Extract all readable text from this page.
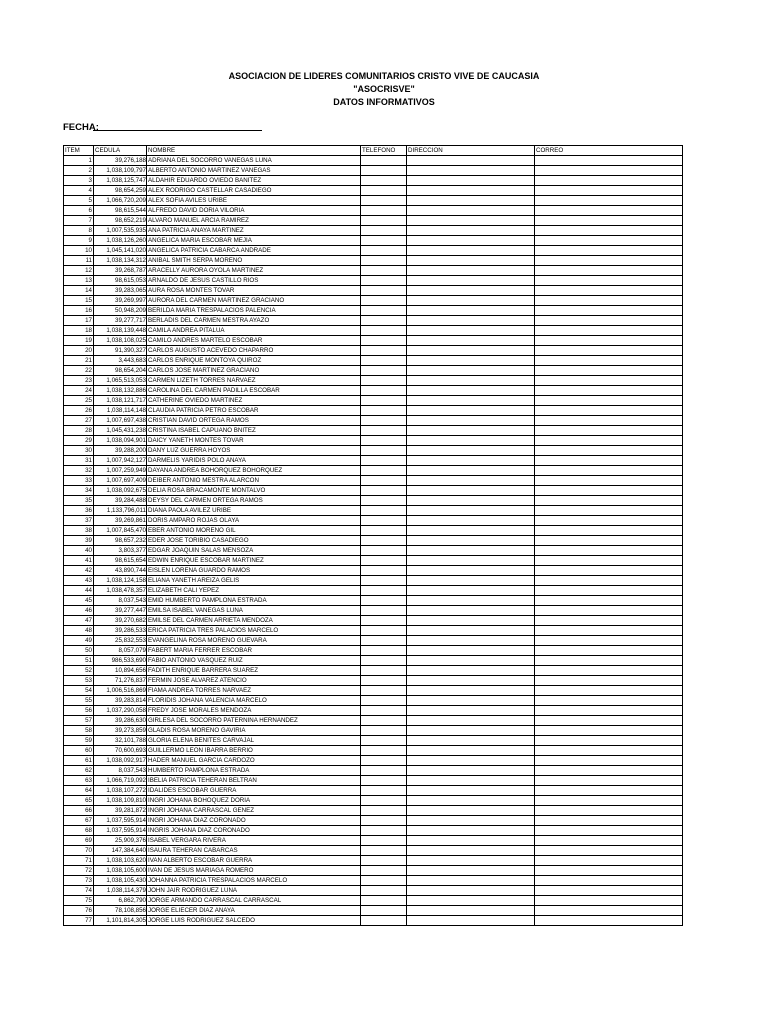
ASOCIACION DE LIDERES COMUNITARIOS CRISTO VIVE DE CAUCASIA
"ASOCRISVE"
DATOS INFORMATIVOS
FECHA:
ITEM	CEDULA	NOMBRE	TELEFONO	DIRECCION	CORREO
1	39,276,188	ADRIANA DEL SOCORRO VANEGAS LUNA			
2	1,038,109,797	ALBERTO ANTONIO MARTINEZ VANEGAS			
3	1,038,125,747	ALDAHIR EDUARDO OVIEDO BANITEZ			
4	98,654,259	ALEX RODRIGO CASTELLAR CASADIEGO			
5	1,066,720,209	ALEX SOFIA AVILES URIBE			
6	98,615,544	ALFREDO DAVID DORIA VILORIA			
7	98,652,219	ALVARO MANUEL ARCIA RAMIREZ			
8	1,007,535,935	ANA PATRICIA ANAYA MARTINEZ			
9	1,038,126,260	ANGELICA MARIA ESCOBAR MEJIA			
10	1,045,141,020	ANGELICA PATRICIA CABARCA ANDRADE			
11	1,038,134,312	ANIBAL SMITH SERPA MORENO			
12	39,268,787	ARACELLY AURORA OYOLA MARTINEZ			
13	98,615,053	ARNALDO DE JESUS CASTILLO RIOS			
14	39,283,065	AURA ROSA MONTES TOVAR			
15	39,269,997	AURORA DEL CARMEN MARTINEZ GRACIANO			
16	50,948,209	BERILDA MARIA TRESPALACIOS PALENCIA			
17	39,277,717	BERLADIS DEL CARMEN MESTRA AYAZO			
18	1,038,139,448	CAMILA ANDREA PITALUA			
19	1,038,108,025	CAMILO ANDRES MARTELO ESCOBAR			
20	91,390,327	CARLOS AUGUSTO ACEVEDO CHAPARRO			
21	3,443,683	CARLOS ENRIQUE MONTOYA QUIROZ			
22	98,654,204	CARLOS JOSE MARTINEZ GRACIANO			
23	1,065,513,053	CARMEN LIZETH TORRES NARVAEZ			
24	1,038,132,886	CAROLINA DEL CARMEN PADILLA ESCOBAR			
25	1,038,121,717	CATHERINE OVIEDO MARTINEZ			
26	1,038,114,148	CLAUDIA PATRICIA PETRO ESCOBAR			
27	1,007,697,438	CRISTIAN DAVID ORTEGA RAMOS			
28	1,045,431,238	CRISTINA ISABEL CAPUANO BNITEZ			
29	1,038,094,901	DAICY YANETH MONTES TOVAR			
30	39,288,200	DANY LUZ GUERRA HOYOS			
31	1,007,942,127	DARMELIS YARIDIS POLO ANAYA			
32	1,007,259,949	DAYANA ANDREA BOHORQUEZ BOHORQUEZ			
33	1,007,697,409	DEIBER ANTONIO MESTRA ALARCON			
34	1,038,092,675	DELIA ROSA BRACAMONTE MONTALVO			
35	39,284,488	DEYSY DEL CARMEN ORTEGA RAMOS			
36	1,133,796,011	DIANA PAOLA AVILEZ URIBE			
37	39,269,861	DORIS AMPARO ROJAS OLAYA			
38	1,007,845,470	EBER ANTONIO MORENO GIL			
39	98,657,232	EDER JOSE TORIBIO CASADIEGO			
40	3,803,377	EDGAR JOAQUIN SALAS MENSOZA			
41	98,615,654	EDWIN ENRIQUE ESCOBAR MARTINEZ			
42	43,890,744	EISLEN LORENA GUARDO RAMOS			
43	1,038,124,158	ELIANA YANETH AREIZA GELIS			
44	1,038,478,357	ELIZABETH CALI YEPEZ			
45	8,037,543	EMID HUMBERTO PAMPLONA ESTRADA			
46	39,277,447	EMILSA ISABEL VANEGAS LUNA			
47	39,270,682	EMILSE DEL CARMEN ARRIETA MENDOZA			
48	39,286,533	ERICA PATRICIA TRES PALACIOS MARCELO			
49	25,832,553	EVANGELINA ROSA MORENO GUEVARA			
50	8,057,079	FABERT MARIA FERRER ESCOBAR			
51	986,533,690	FABIO ANTONIO VASQUEZ RUIZ			
52	10,894,656	FADITH ENRIQUE BARRERA SUAREZ			
53	71,276,837	FERMIN JOSE ALVAREZ ATENCIO			
54	1,006,516,869	FIAMA ANDREA TORRES NARVAEZ			
55	39,283,814	FLORIDIS JOHANA VALENCIA MARCELO			
56	1,037,290,058	FREDY JOSE MORALES MENDOZA			
57	39,286,630	GIRLESA DEL SOCORRO PATERNINA HERNANDEZ			
58	39,273,859	GLADIS ROSA MORENO GAVIRIA			
59	32,101,788	GLORIA ELENA BENITES CARVAJAL			
60	70,600,693	GUILLERMO LEON IBARRA BERRIO			
61	1,038,092,917	HADER MANUEL GARCIA CARDOZO			
62	8,037,543	HUMBERTO PAMPLONA ESTRADA			
63	1,066,719,092	IBELIA PATRICIA TEHERAN BELTRAN			
64	1,038,107,272	IDALIDES ESCOBAR GUERRA			
65	1,038,109,810	INGRI JOHANA BOHOQUEZ DORIA			
66	39,281,872	INGRI JOHANA CARRASCAL GENEZ			
67	1,037,595,914	INGRI JOHANA DIAZ CORONADO			
68	1,037,595,914	INGRIS JOHANA DIAZ CORONADO			
69	25,909,376	ISABEL VERGARA RIVERA			
70	147,384,640	ISAURA TEHERAN CABARCAS			
71	1,038,103,620	IVAN ALBERTO ESCOBAR GUERRA			
72	1,038,105,600	IVAN DE JESUS MARIAGA ROMERO			
73	1,038,105,430	JOHANNA PATRICIA TRESPALACIOS MARCELO			
74	1,038,114,379	JOHN JAIR RODRIGUEZ LUNA			
75	6,862,790	JORGE ARMANDO CARRASCAL CARRASCAL			
76	78,108,856	JORGE ELIECER DIAZ ANAYA			
77	1,101,814,305	JORGE LUIS RODRIGUEZ SALCEDO			
